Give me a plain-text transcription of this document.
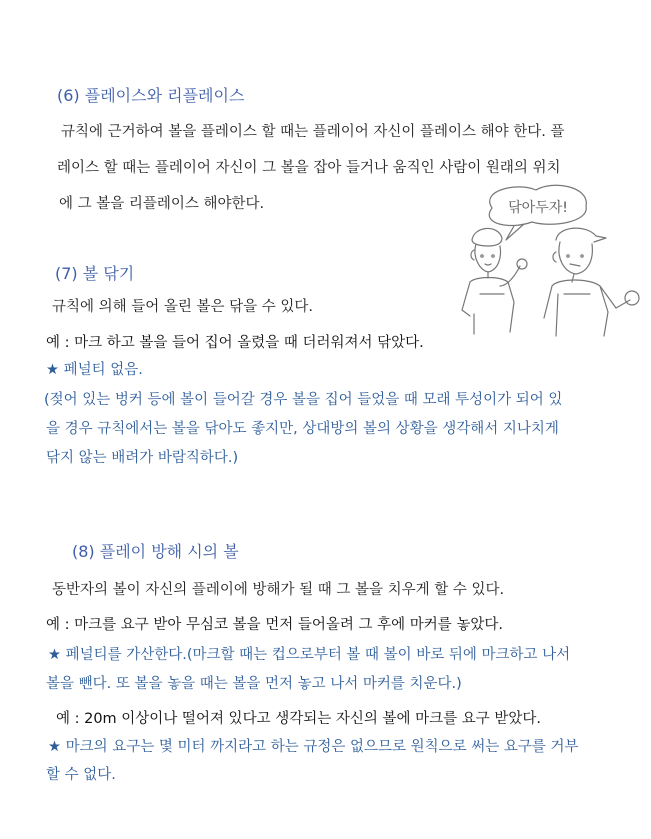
(6) 플레이스와 리플레이스
규칙에 근거하여 볼을 플레이스 할 때는 플레이어 자신이 플레이스 해야 한다. 플
레이스 할 때는 플레이어 자신이 그 볼을 잡아 들거나 움직인 사람이 원래의 위치
에 그 볼을 리플레이스 해야한다.	닦아두자!
(7) 볼 닦기
규칙에 의해 들어 올린 볼은 닦을 수 있다.
예 : 마크 하고 볼을 들어 집어 올렸을 때 더러워져서 닦았다.
★ 페널티 없음.
(젖어 있는 벙커 등에 볼이 들어갈 경우 볼을 집어 들었을 때 모래 투성이가 되어 있
을 경우 규칙에서는 볼을 닦아도 좋지만, 상대방의 볼의 상황을 생각해서 지나치게
닦지 않는 배려가 바람직하다.)
(8) 플레이 방해 시의 볼
동반자의 볼이 자신의 플레이에 방해가 될 때 그 볼을 치우게 할 수 있다.
예 : 마크를 요구 받아 무심코 볼을 먼저 들어올려 그 후에 마커를 놓았다.
★ 페널티를 가산한다.(마크할 때는 컵으로부터 볼 때 볼이 바로 뒤에 마크하고 나서
볼을 뺀다. 또 볼을 놓을 때는 볼을 먼저 놓고 나서 마커를 치운다.)
예 : 20m 이상이나 떨어져 있다고 생각되는 자신의 볼에 마크를 요구 받았다.
★ 마크의 요구는 몇 미터 까지라고 하는 규정은 없으므로 원칙으로 써는 요구를 거부
할 수 없다.
